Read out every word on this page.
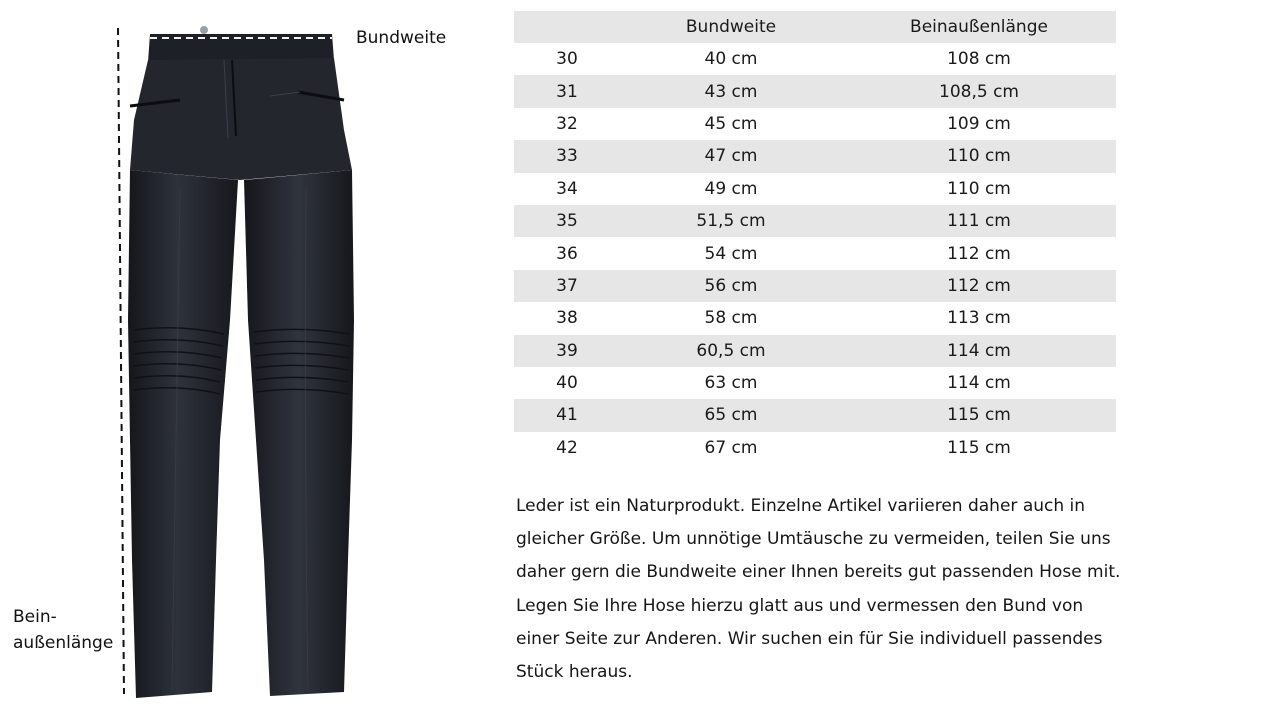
Bundweite
Bein-
außenlänge
	Bundweite	Beinaußenlänge
30	40 cm	108 cm
31	43 cm	108,5 cm
32	45 cm	109 cm
33	47 cm	110 cm
34	49 cm	110 cm
35	51,5 cm	111 cm
36	54 cm	112 cm
37	56 cm	112 cm
38	58 cm	113 cm
39	60,5 cm	114 cm
40	63 cm	114 cm
41	65 cm	115 cm
42	67 cm	115 cm

Leder ist ein Naturprodukt. Einzelne Artikel variieren daher auch in

gleicher Größe. Um unnötige Umtäusche zu vermeiden, teilen Sie uns

daher gern die Bundweite einer Ihnen bereits gut passenden Hose mit.

Legen Sie Ihre Hose hierzu glatt aus und vermessen den Bund von

einer Seite zur Anderen. Wir suchen ein für Sie individuell passendes

Stück heraus.
